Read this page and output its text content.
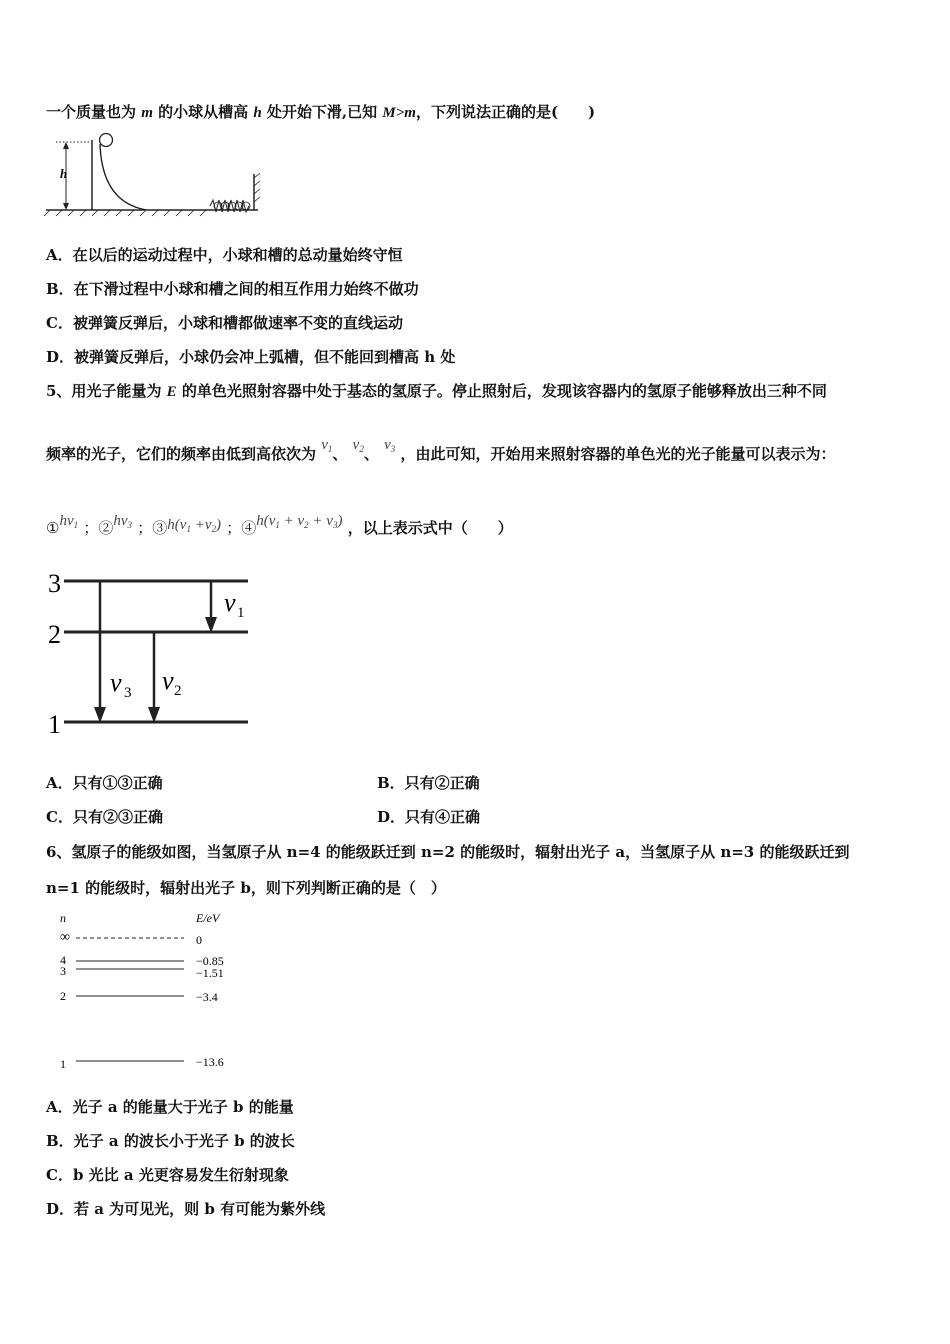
一个质量也为 m 的小球从槽高 h 处开始下滑,已知 M>m，下列说法正确的是(　　)
h
A．在以后的运动过程中，小球和槽的总动量始终守恒
B．在下滑过程中小球和槽之间的相互作用力始终不做功
C．被弹簧反弹后，小球和槽都做速率不变的直线运动
D．被弹簧反弹后，小球仍会冲上弧槽，但不能回到槽高 h 处
5、用光子能量为 E 的单色光照射容器中处于基态的氢原子。停止照射后，发现该容器内的氢原子能够释放出三种不同
频率的光子，它们的频率由低到高依次为 $\nu_1$、 $\nu_2$、 $\nu_3$ ，由此可知，开始用来照射容器的单色光的光子能量可以表示为：
$①h\nu_1$ ；$②h\nu_3$ ；$③h(\nu_1 +\nu_2)$ ；$④h(\nu_1 + \nu_2 + \nu_3)$ ，以上表示式中（　　）
3
2
1
ν 1
ν 3 ν 2
A．只有①③正确	B．只有②正确
C．只有②③正确	D．只有④正确
6、氢原子的能级如图，当氢原子从 n=4 的能级跃迁到 n=2 的能级时，辐射出光子 a，当氢原子从 n=3 的能级跃迁到
n=1 的能级时，辐射出光子 b，则下列判断正确的是（　）
n	E/eV
∞	0
4	−0.85
3	−1.51
2	−3.4
1	−13.6
A．光子 a 的能量大于光子 b 的能量
B．光子 a 的波长小于光子 b 的波长
C．b 光比 a 光更容易发生衍射现象
D．若 a 为可见光，则 b 有可能为紫外线
